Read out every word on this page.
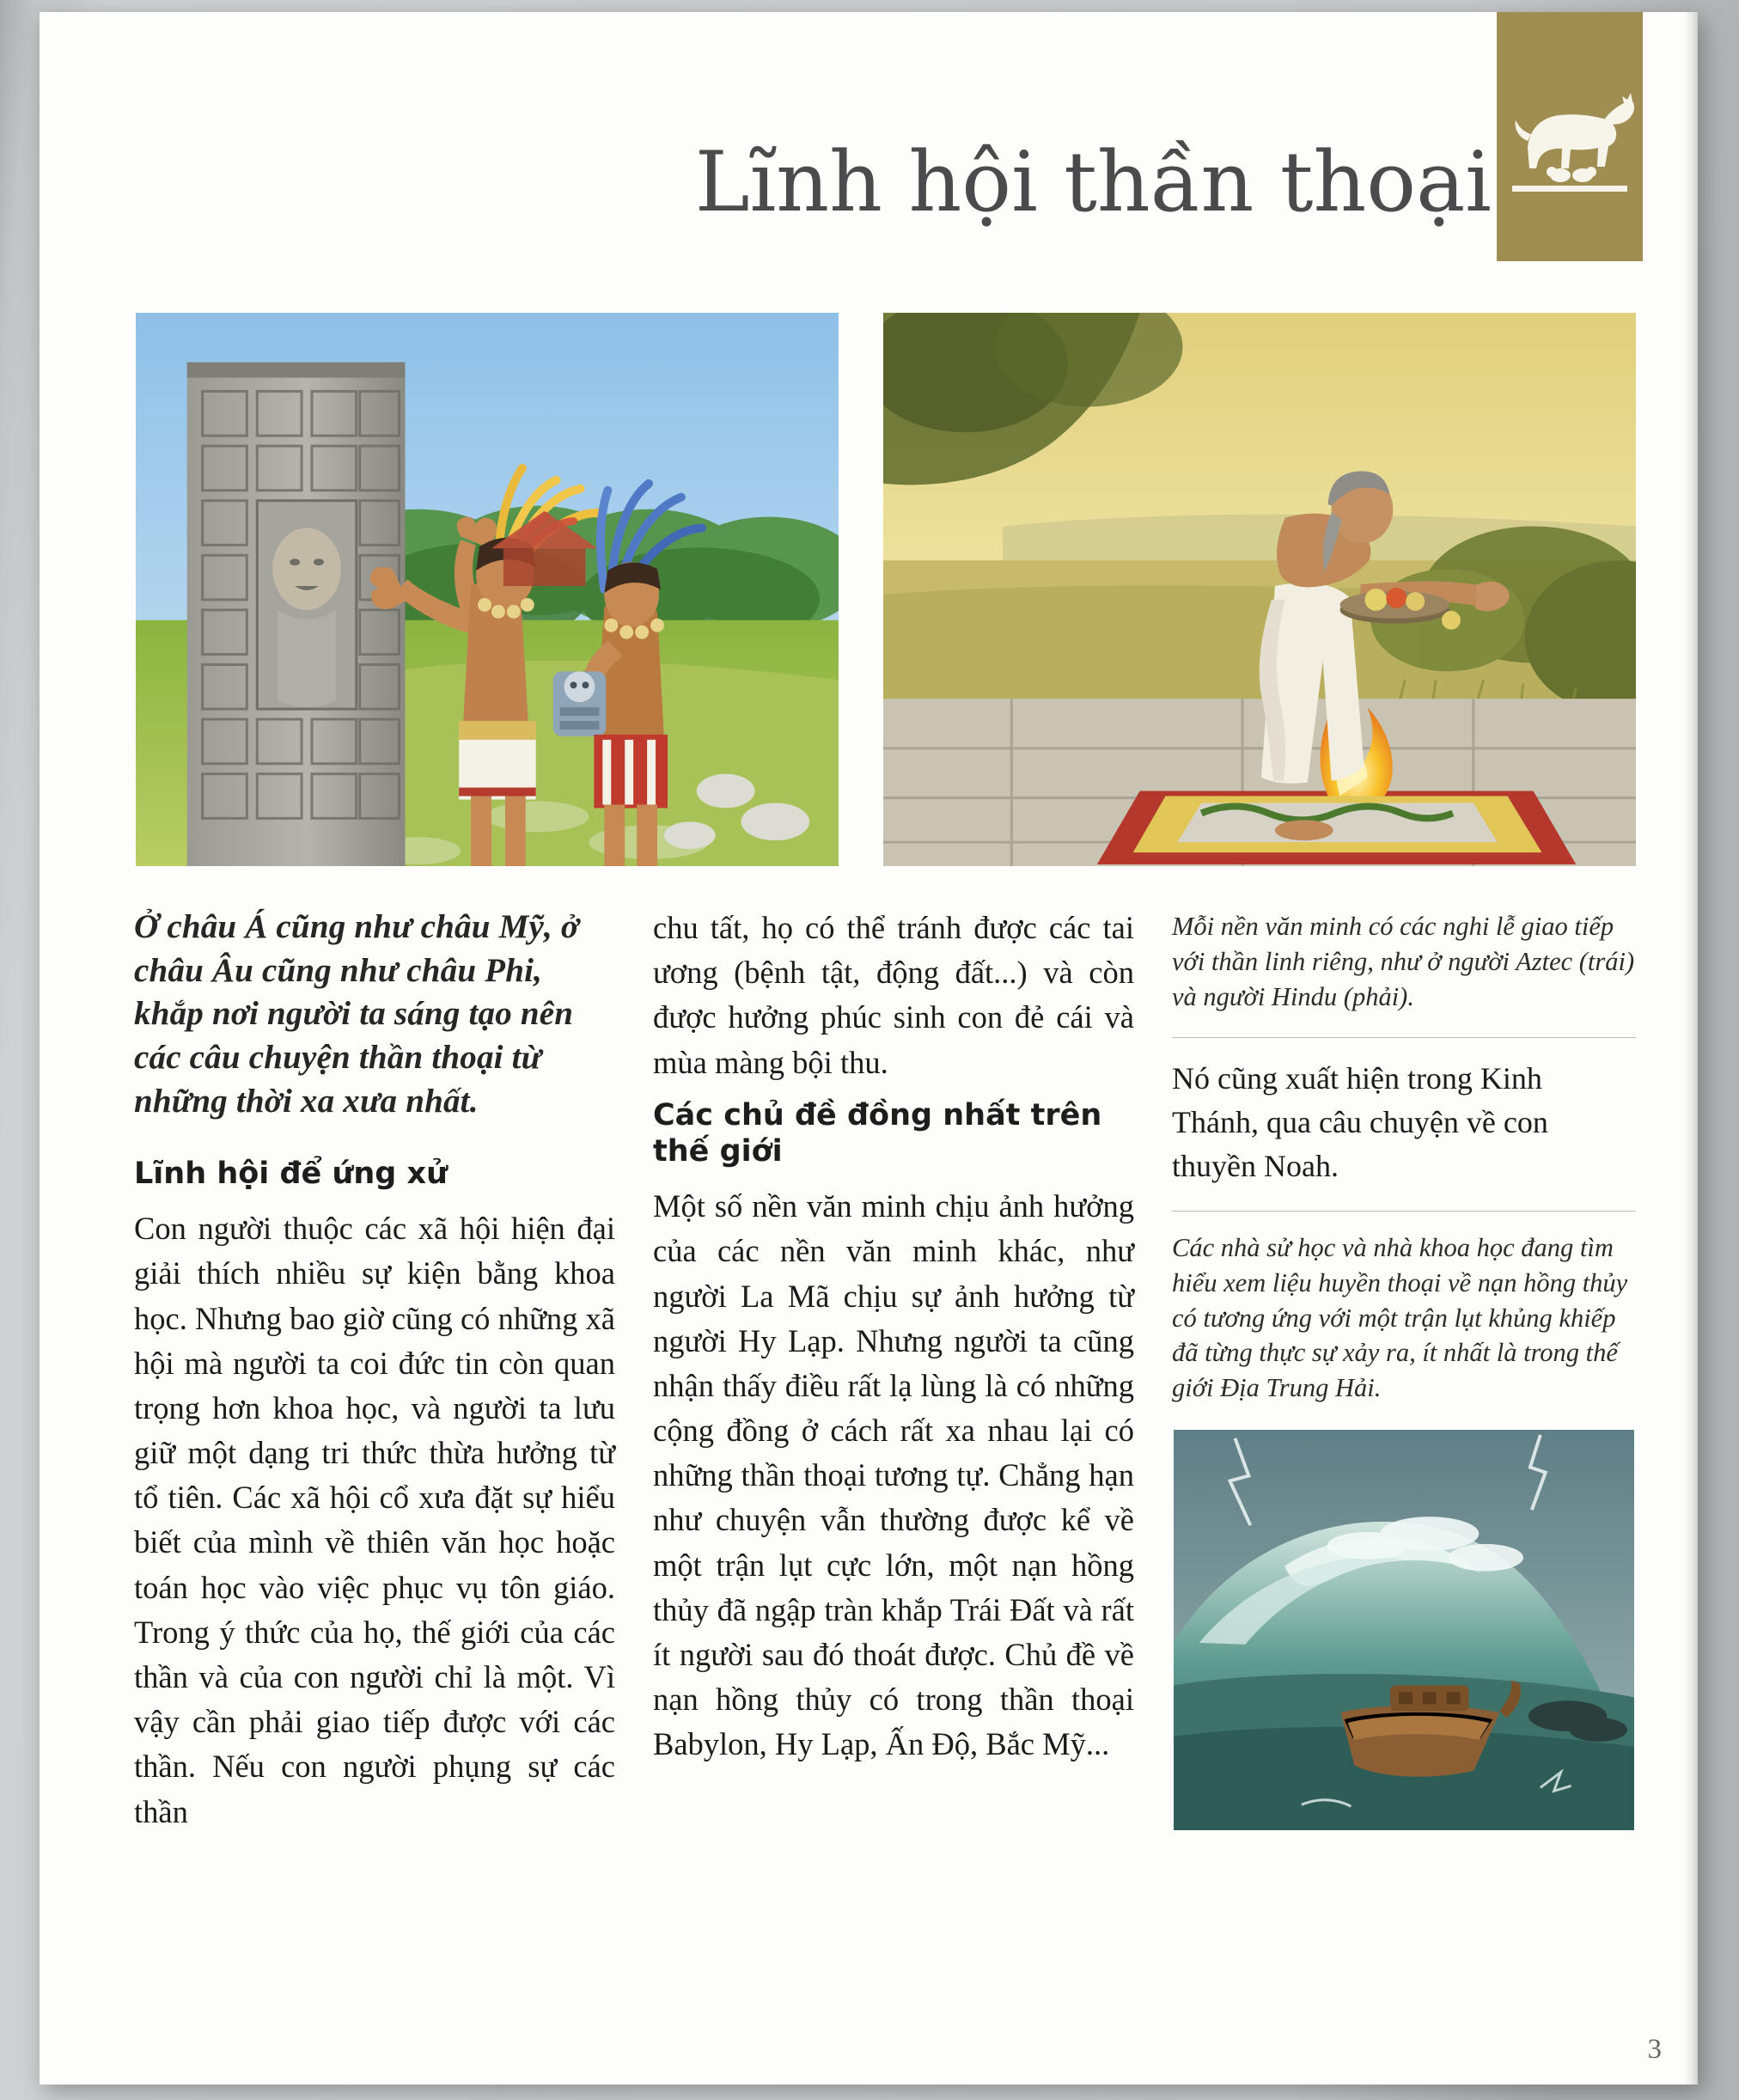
Lĩnh hội thần thoại

Ở châu Á cũng như châu Mỹ, ở châu Âu cũng như châu Phi, khắp nơi người ta sáng tạo nên các câu chuyện thần thoại từ những thời xa xưa nhất.

Lĩnh hội để ứng xử

Con người thuộc các xã hội hiện đại giải thích nhiều sự kiện bằng khoa học. Nhưng bao giờ cũng có những xã hội mà người ta coi đức tin còn quan trọng hơn khoa học, và người ta lưu giữ một dạng tri thức thừa hưởng từ tổ tiên. Các xã hội cổ xưa đặt sự hiểu biết của mình về thiên văn học hoặc toán học vào việc phục vụ tôn giáo. Trong ý thức của họ, thế giới của các thần và của con người chỉ là một. Vì vậy cần phải giao tiếp được với các thần. Nếu con người phụng sự các thần

chu tất, họ có thể tránh được các tai ương (bệnh tật, động đất...) và còn được hưởng phúc sinh con đẻ cái và mùa màng bội thu.

Các chủ đề đồng nhất trên thế giới

Một số nền văn minh chịu ảnh hưởng của các nền văn minh khác, như người La Mã chịu sự ảnh hưởng từ người Hy Lạp. Nhưng người ta cũng nhận thấy điều rất lạ lùng là có những cộng đồng ở cách rất xa nhau lại có những thần thoại tương tự. Chẳng hạn như chuyện vẫn thường được kể về một trận lụt cực lớn, một nạn hồng thủy đã ngập tràn khắp Trái Đất và rất ít người sau đó thoát được. Chủ đề về nạn hồng thủy có trong thần thoại Babylon, Hy Lạp, Ấn Độ, Bắc Mỹ...

Mỗi nền văn minh có các nghi lễ giao tiếp với thần linh riêng, như ở người Aztec (trái) và người Hindu (phải).

Nó cũng xuất hiện trong Kinh Thánh, qua câu chuyện về con thuyền Noah.

Các nhà sử học và nhà khoa học đang tìm hiểu xem liệu huyền thoại về nạn hồng thủy có tương ứng với một trận lụt khủng khiếp đã từng thực sự xảy ra, ít nhất là trong thế giới Địa Trung Hải.

3
